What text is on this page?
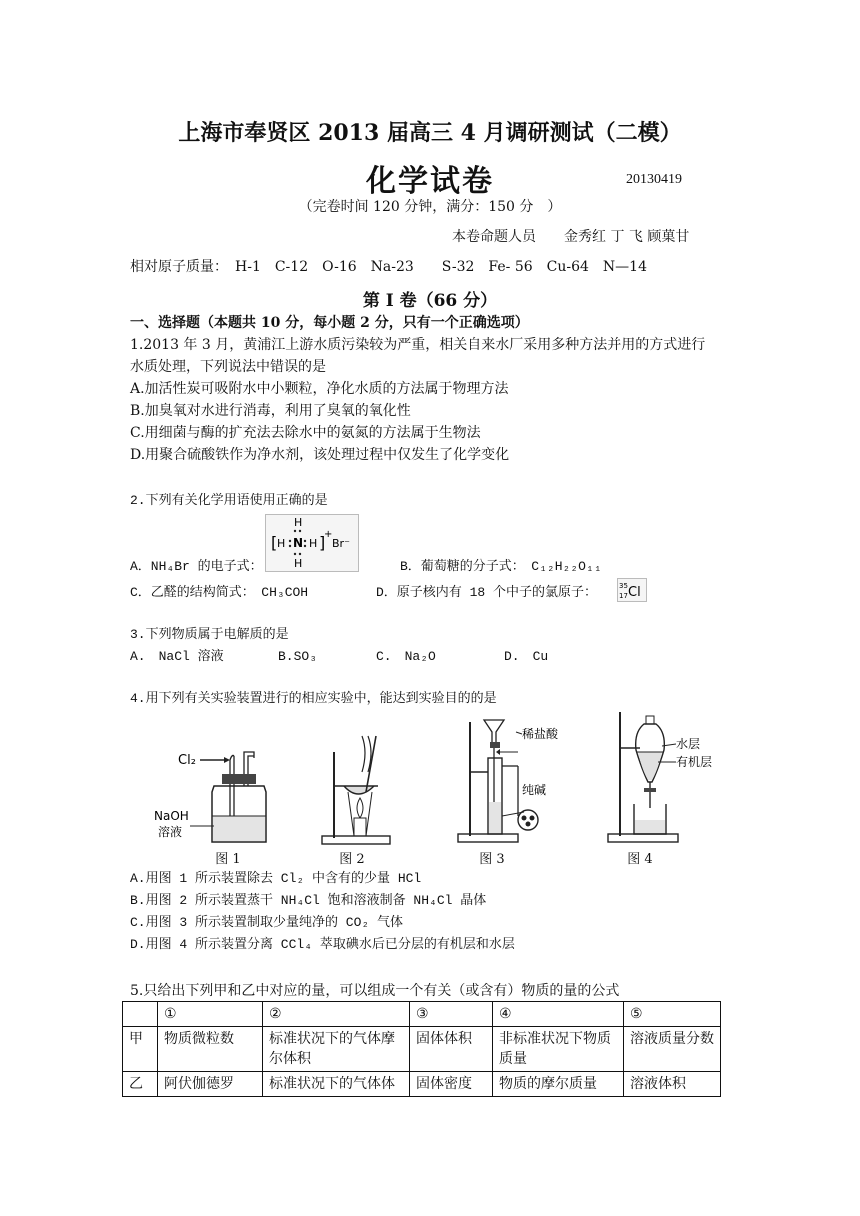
上海市奉贤区 2013 届高三 4 月调研测试（二模）
化学试卷	20130419
（完卷时间 120 分钟，满分：150 分　）
本卷命题人员　　金秀红 丁 飞 顾菓甘
相对原子质量：　H-1　C-12　O-16　Na-23　　S-32　Fe- 56　Cu-64　N—14
第 I 卷（66 分）
一、选择题（本题共 10 分，每小题 2 分，只有一个正确选项）
1.2013 年 3 月，黄浦江上游水质污染较为严重，相关自来水厂采用多种方法并用的方式进行
水质处理，下列说法中错误的是
A.加活性炭可吸附水中小颗粒，净化水质的方法属于物理方法
B.加臭氧对水进行消毒，利用了臭氧的氧化性
C.用细菌与酶的扩充法去除水中的氨氮的方法属于生物法
D.用聚合硫酸铁作为净水剂，该处理过程中仅发生了化学变化
2.下列有关化学用语使用正确的是
H
[ H N H ]
+
Br⁻
H
A．NH₄Br 的电子式：	B．葡萄糖的分子式：　C₁₂H₂₂O₁₁
C．乙醛的结构简式：　CH₃COH	D．原子核内有 18 个中子的氯原子：	35
17 Cl
3.下列物质属于电解质的是
A.　NaCl 溶液	B.SO₃	C.　Na₂O	D.　Cu
4.用下列有关实验装置进行的相应实验中，能达到实验目的的是
Cl₂
NaOH
溶液
图 1	图 2
稀盐酸
纯碱
图 3
水层
有机层
图 4
A.用图 1 所示装置除去 Cl₂ 中含有的少量 HCl
B.用图 2 所示装置蒸干 NH₄Cl 饱和溶液制备 NH₄Cl 晶体
C.用图 3 所示装置制取少量纯净的 CO₂ 气体
D.用图 4 所示装置分离 CCl₄ 萃取碘水后已分层的有机层和水层
5.只给出下列甲和乙中对应的量，可以组成一个有关（或含有）物质的量的公式
	①	②	③	④	⑤
甲	物质微粒数	标准状况下的气体摩尔体积	固体体积	非标准状况下物质质量	溶液质量分数
乙	阿伏伽德罗	标准状况下的气体体	固体密度	物质的摩尔质量	溶液体积
